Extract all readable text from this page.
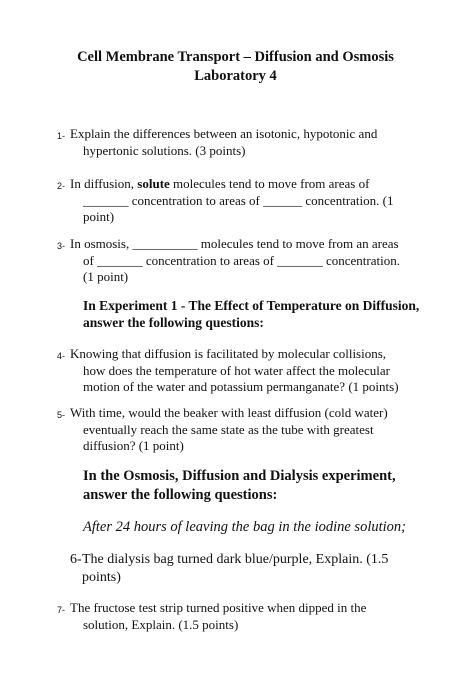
Cell Membrane Transport – Diffusion and Osmosis
Laboratory 4
1- Explain the differences between an isotonic, hypotonic and
hypertonic solutions. (3 points)
2- In diffusion, solute molecules tend to move from areas of
_______ concentration to areas of ______ concentration. (1
point)
3- In osmosis, __________ molecules tend to move from an areas
of _______ concentration to areas of _______ concentration.
(1 point)
In Experiment 1 - The Effect of Temperature on Diffusion,
answer the following questions:
4- Knowing that diffusion is facilitated by molecular collisions,
how does the temperature of hot water affect the molecular
motion of the water and potassium permanganate? (1 points)
5- With time, would the beaker with least diffusion (cold water)
eventually reach the same state as the tube with greatest
diffusion? (1 point)
In the Osmosis, Diffusion and Dialysis experiment,
answer the following questions:
After 24 hours of leaving the bag in the iodine solution;
6- The dialysis bag turned dark blue/purple, Explain. (1.5
points)
7- The fructose test strip turned positive when dipped in the
solution, Explain. (1.5 points)
